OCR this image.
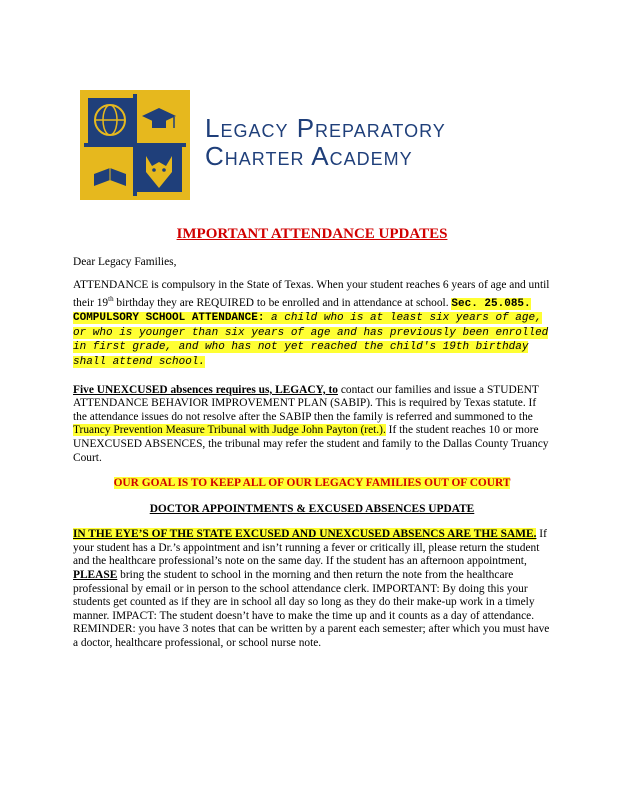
Legacy Preparatory
Charter Academy
IMPORTANT ATTENDANCE UPDATES

Dear Legacy Families,

ATTENDANCE is compulsory in the State of Texas. When your student reaches 6 years of age and until their 19th birthday they are REQUIRED to be enrolled and in attendance at school. Sec. 25.085. COMPULSORY SCHOOL ATTENDANCE: a child who is at least six years of age, or who is younger than six years of age and has previously been enrolled in first grade, and who has not yet reached the child's 19th birthday shall attend school.

Five UNEXCUSED absences requires us, LEGACY, to contact our families and issue a STUDENT ATTENDANCE BEHAVIOR IMPROVEMENT PLAN (SABIP). This is required by Texas statute. If the attendance issues do not resolve after the SABIP then the family is referred and summoned to the Truancy Prevention Measure Tribunal with Judge John Payton (ret.). If the student reaches 10 or more UNEXCUSED ABSENCES, the tribunal may refer the student and family to the Dallas County Truancy Court.

OUR GOAL IS TO KEEP ALL OF OUR LEGACY FAMILIES OUT OF COURT
DOCTOR APPOINTMENTS & EXCUSED ABSENCES UPDATE

IN THE EYE’S OF THE STATE EXCUSED AND UNEXCUSED ABSENCS ARE THE SAME. If your student has a Dr.’s appointment and isn’t running a fever or critically ill, please return the student and the healthcare professional’s note on the same day. If the student has an afternoon appointment, PLEASE bring the student to school in the morning and then return the note from the healthcare professional by email or in person to the school attendance clerk. IMPORTANT: By doing this your students get counted as if they are in school all day so long as they do their make-up work in a timely manner. IMPACT: The student doesn’t have to make the time up and it counts as a day of attendance. REMINDER: you have 3 notes that can be written by a parent each semester; after which you must have a doctor, healthcare professional, or school nurse note.
